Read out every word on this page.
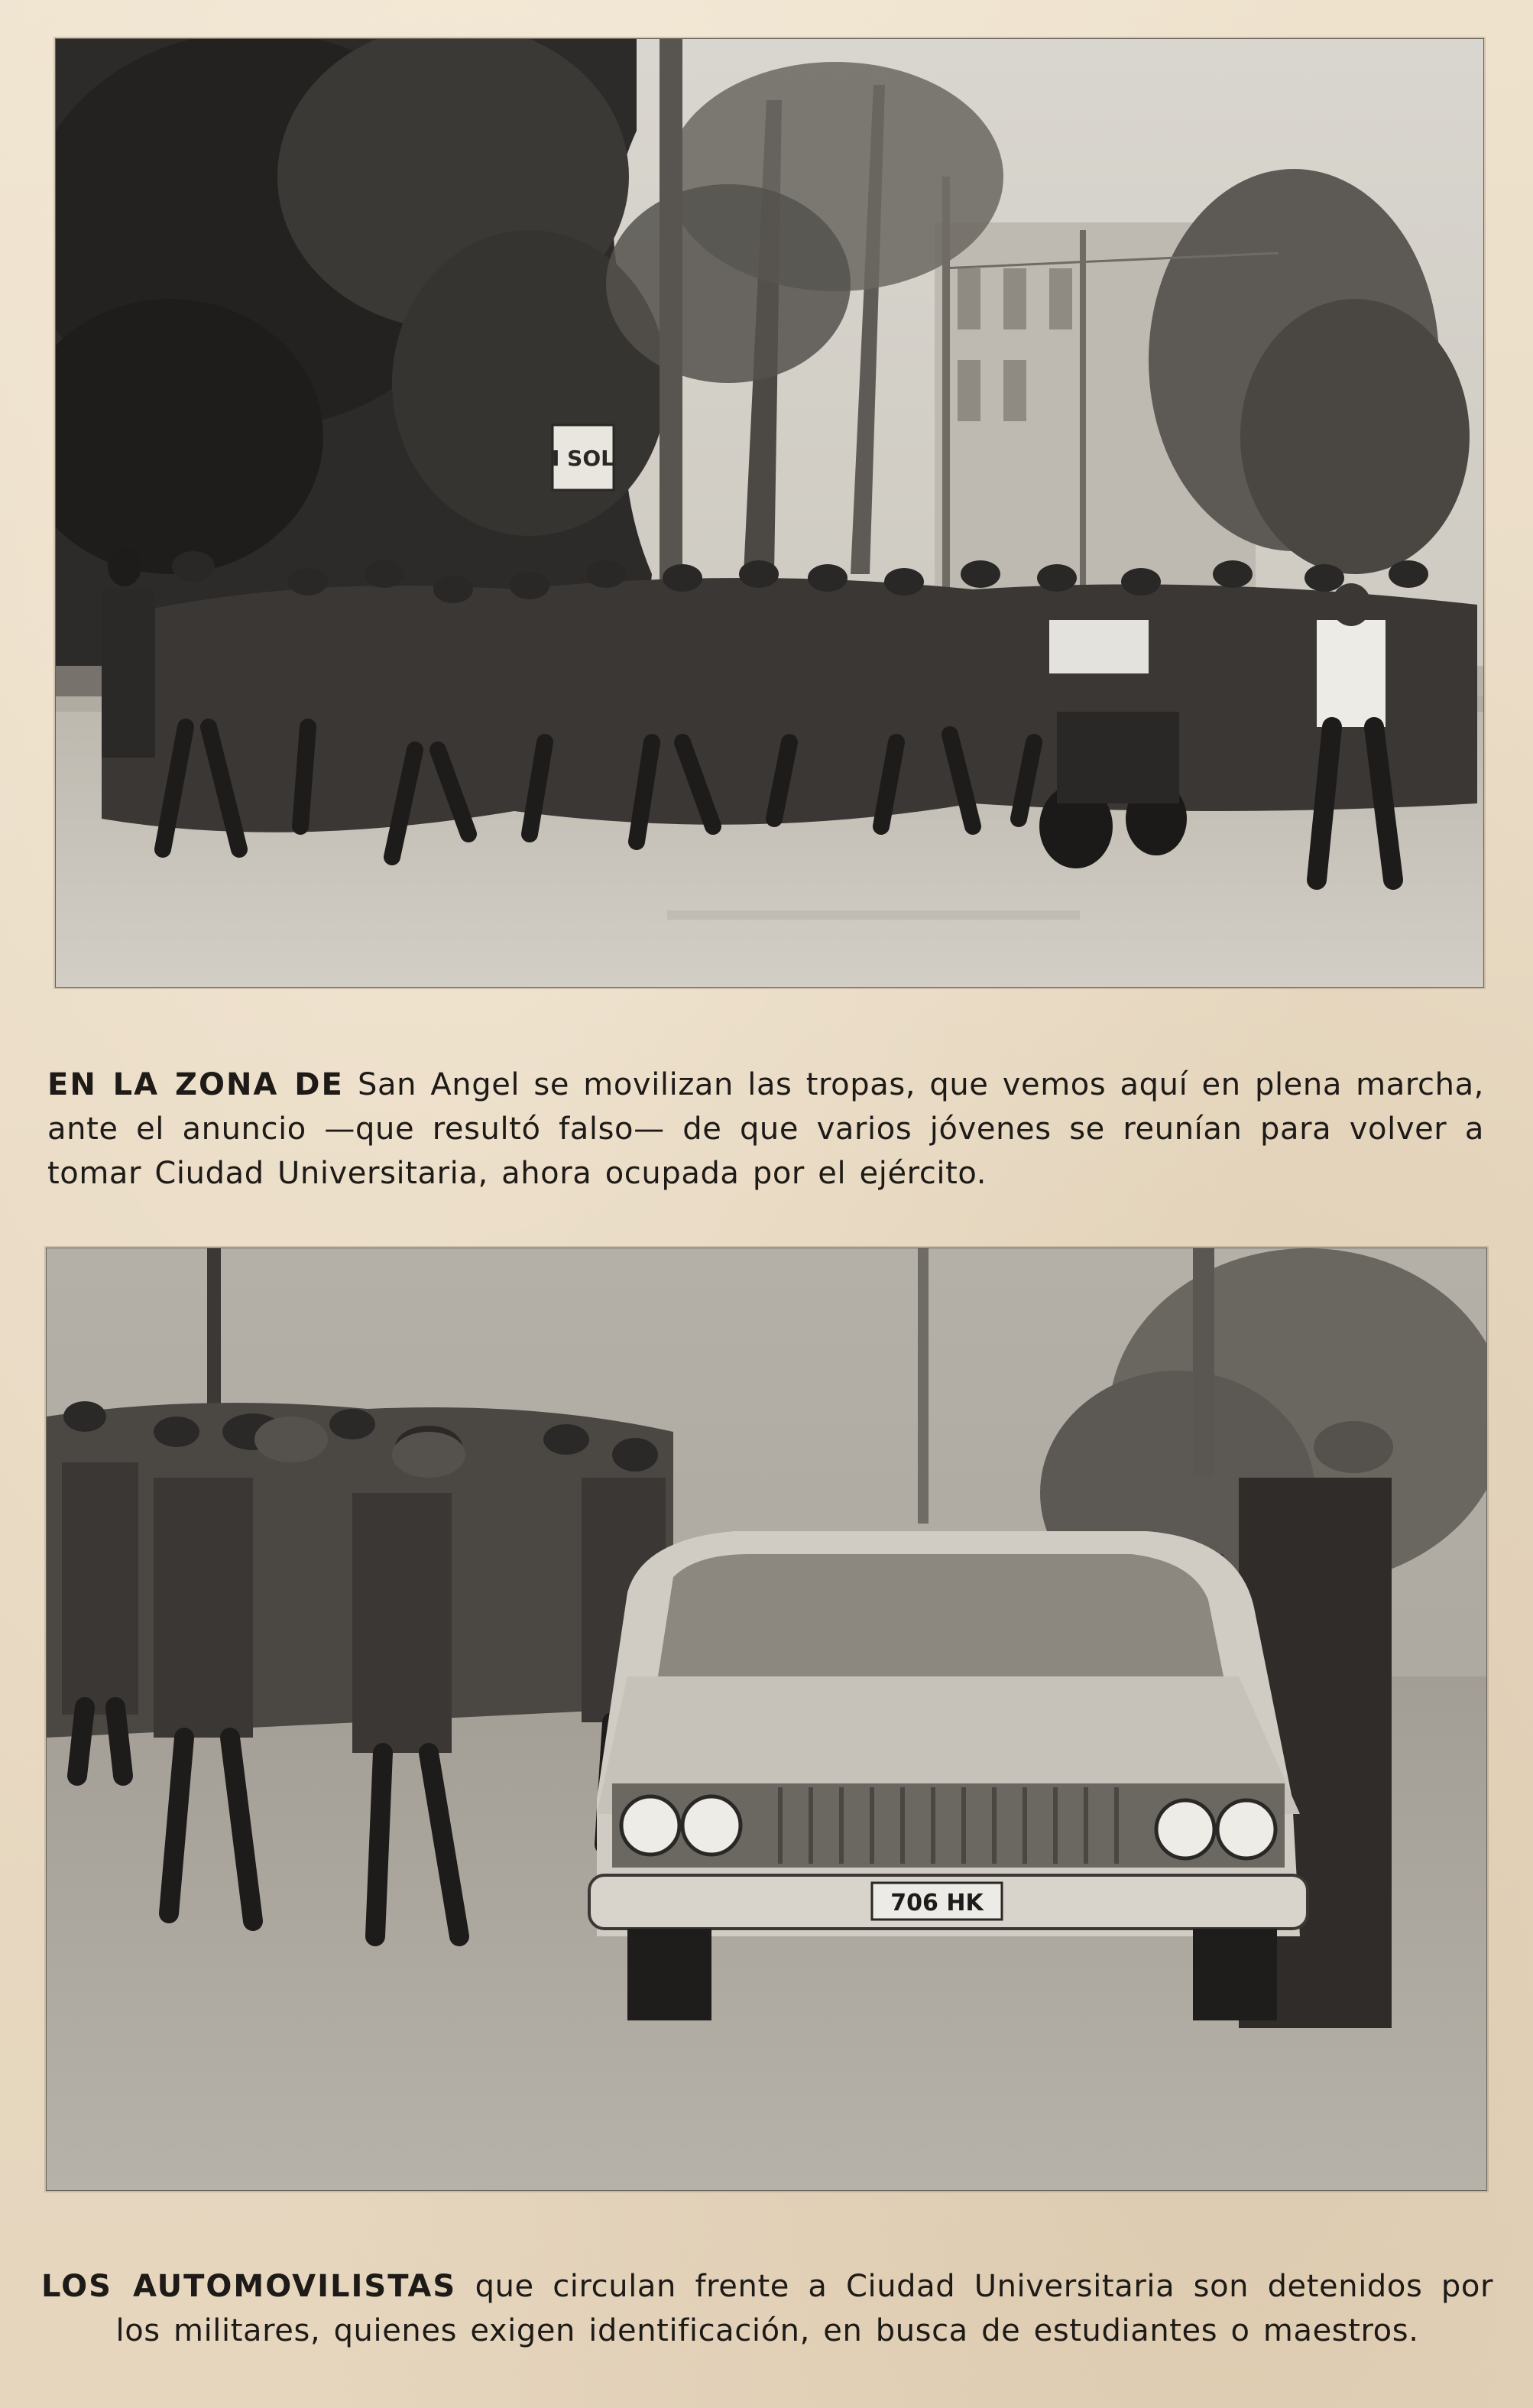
I SOL

EN LA ZONA DE San Angel se movilizan las tropas, que vemos aquí en plena marcha, ante el anuncio —que resultó falso— de que varios jóvenes se reunían para volver a tomar Ciudad Universitaria, ahora ocupada por el ejército.

706 HK

LOS AUTOMOVILISTAS que circulan frente a Ciudad Universitaria son detenidos por los militares, quienes exigen identificación, en busca de estudiantes o maestros.
